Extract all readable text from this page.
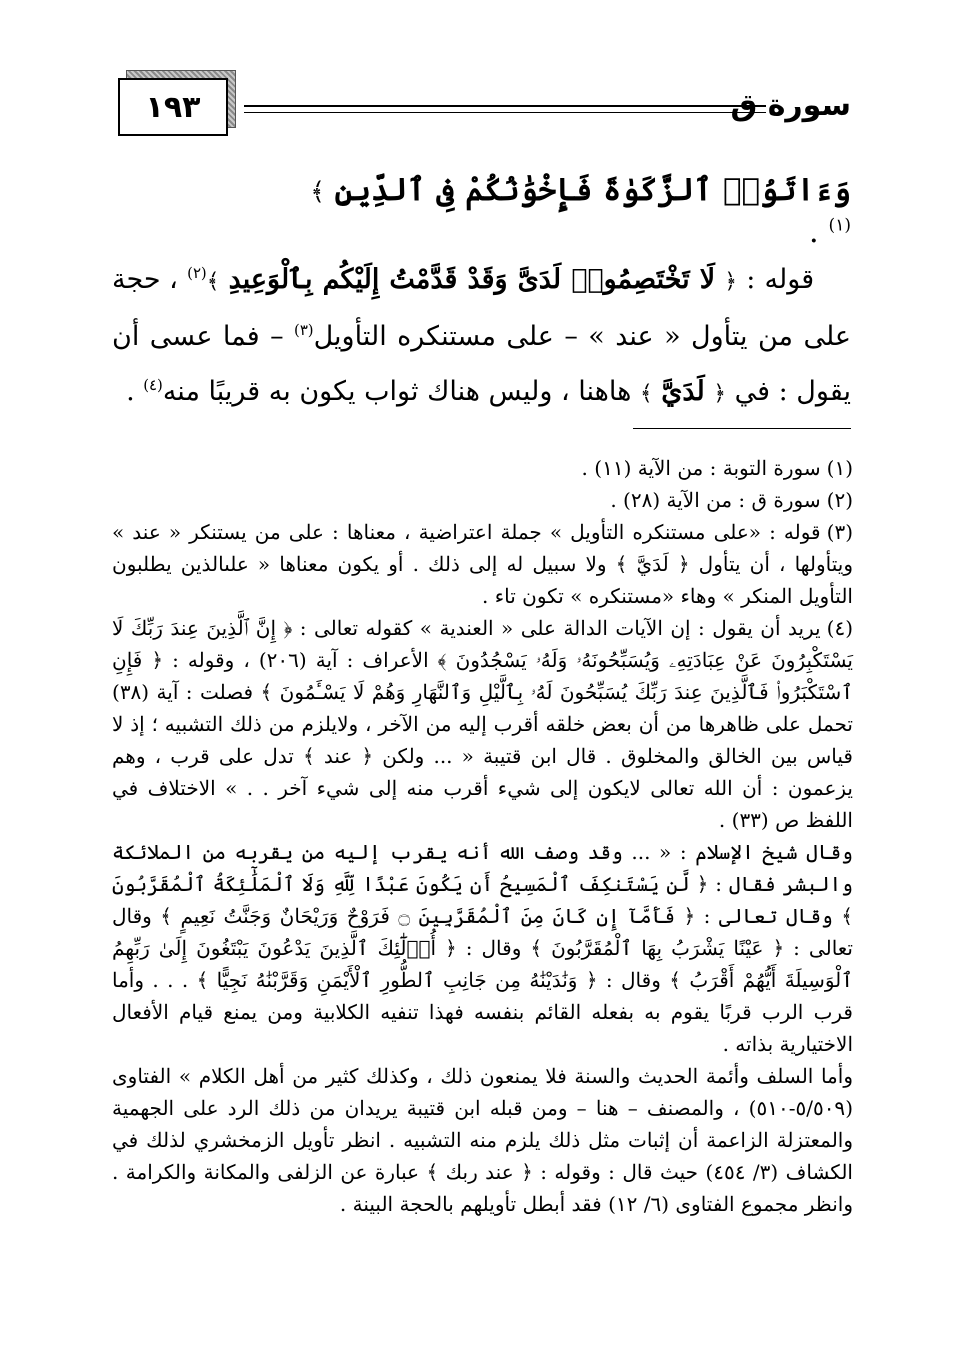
١٩٣	سورة ق
وَءَاتَوُا۟ ٱلزَّكَوٰةَ فَإِخْوَٰنُكُمْ فِى ٱلدِّينِ ﴾$^{(١)}$ .
قوله : ﴿ لَا تَخْتَصِمُوا۟ لَدَىَّ وَقَدْ قَدَّمْتُ إِلَيْكُم بِٱلْوَعِيدِ ﴾$^{(٢)}$ ، حجة على من يتأول « عند » – على مستنكره التأويل$^{(٣)}$ – فما عسى أن يقول : في ﴿ لَدَيَّ ﴾ هاهنا ، وليس هناك ثواب يكون به قريبًا منه$^{(٤)}$ .

(١)سورة التوبة : من الآية (١١) .

(٢)سورة ق : من الآية (٢٨) .

(٣)قوله : «على مستنكره التأويل » جملة اعتراضية ، معناها : على من يستنكر « عند » ويتأولها ، أن يتأول ﴿ لَدَيَّ ﴾ ولا سبيل له إلى ذلك . أو يكون معناها « علىالذين يطلبون التأويل المنكر » وهاء «مستنكره » تكون تاء .

(٤)يريد أن يقول : إن الآيات الدالة على « العندية » كقوله تعالى : ﴿ إِنَّ ٱلَّذِينَ عِندَ رَبِّكَ لَا يَسْتَكْبِرُونَ عَنْ عِبَادَتِهِۦ وَيُسَبِّحُونَهُۥ وَلَهُۥ يَسْجُدُونَ ﴾ الأعراف : آية (٢٠٦) ، وقوله : ﴿ فَإِنِ ٱسْتَكْبَرُوا۟ فَٱلَّذِينَ عِندَ رَبِّكَ يُسَبِّحُونَ لَهُۥ بِٱلَّيْلِ وَٱلنَّهَارِ وَهُمْ لَا يَسْـَٔمُونَ ﴾ فصلت : آية (٣٨) تحمل على ظاهرها من أن بعض خلقه أقرب إليه من الآخر ، ولايلزم من ذلك التشبيه ؛ إذ لا قياس بين الخالق والمخلوق . قال ابن قتيبة « ... ولكن ﴿ عند ﴾ تدل على قرب ، وهم يزعمون : أن الله تعالى لايكون إلى شيء أقرب منه إلى شيء آخر . . » الاختلاف في اللفظ ص (٣٣) .

وقال شيخ الإسلام : « ... وقد وصف الله أنه يقرب إليه من يقربه من الملائكة والبشر فقال : ﴿ لَّن يَسْتَنكِفَ ٱلْمَسِيحُ أَن يَكُونَ عَبْدًا لِّلَّهِ وَلَا ٱلْمَلَٰٓئِكَةُ ٱلْمُقَرَّبُونَ ﴾ وقال تعالى : ﴿ فَأَمَّآ إِن كَانَ مِنَ ٱلْمُقَرَّبِينَ ۝ فَرَوْحٌ وَرَيْحَانٌ وَجَنَّتُ نَعِيمٍ ﴾ وقال تعالى : ﴿ عَيْنًا يَشْرَبُ بِهَا ٱلْمُقَرَّبُونَ ﴾ وقال : ﴿ أُو۟لَٰٓئِكَ ٱلَّذِينَ يَدْعُونَ يَبْتَغُونَ إِلَىٰ رَبِّهِمُ ٱلْوَسِيلَةَ أَيُّهُمْ أَقْرَبُ ﴾ وقال : ﴿ وَنَٰدَيْنَٰهُ مِن جَانِبِ ٱلطُّورِ ٱلْأَيْمَنِ وَقَرَّبْنَٰهُ نَجِيًّا ﴾ . . . وأما قرب الرب قربًا يقوم به بفعله القائم بنفسه فهذا تنفيه الكلابية ومن يمنع قيام الأفعال الاختيارية بذاته .

وأما السلف وأئمة الحديث والسنة فلا يمنعون ذلك ، وكذلك كثير من أهل الكلام » الفتاوى (٥/٥٠٩-٥١٠) ، والمصنف – هنا – ومن قبله ابن قتيبة يريدان من ذلك الرد على الجهمية والمعتزلة الزاعمة أن إثبات مثل ذلك يلزم منه التشبيه . انظر تأويل الزمخشري لذلك في الكشاف (٣/ ٤٥٤) حيث قال : وقوله : ﴿ عند ربك ﴾ عبارة عن الزلفى والمكانة والكرامة . وانظر مجموع الفتاوى (٦/ ١٢) فقد أبطل تأويلهم بالحجة البينة .
